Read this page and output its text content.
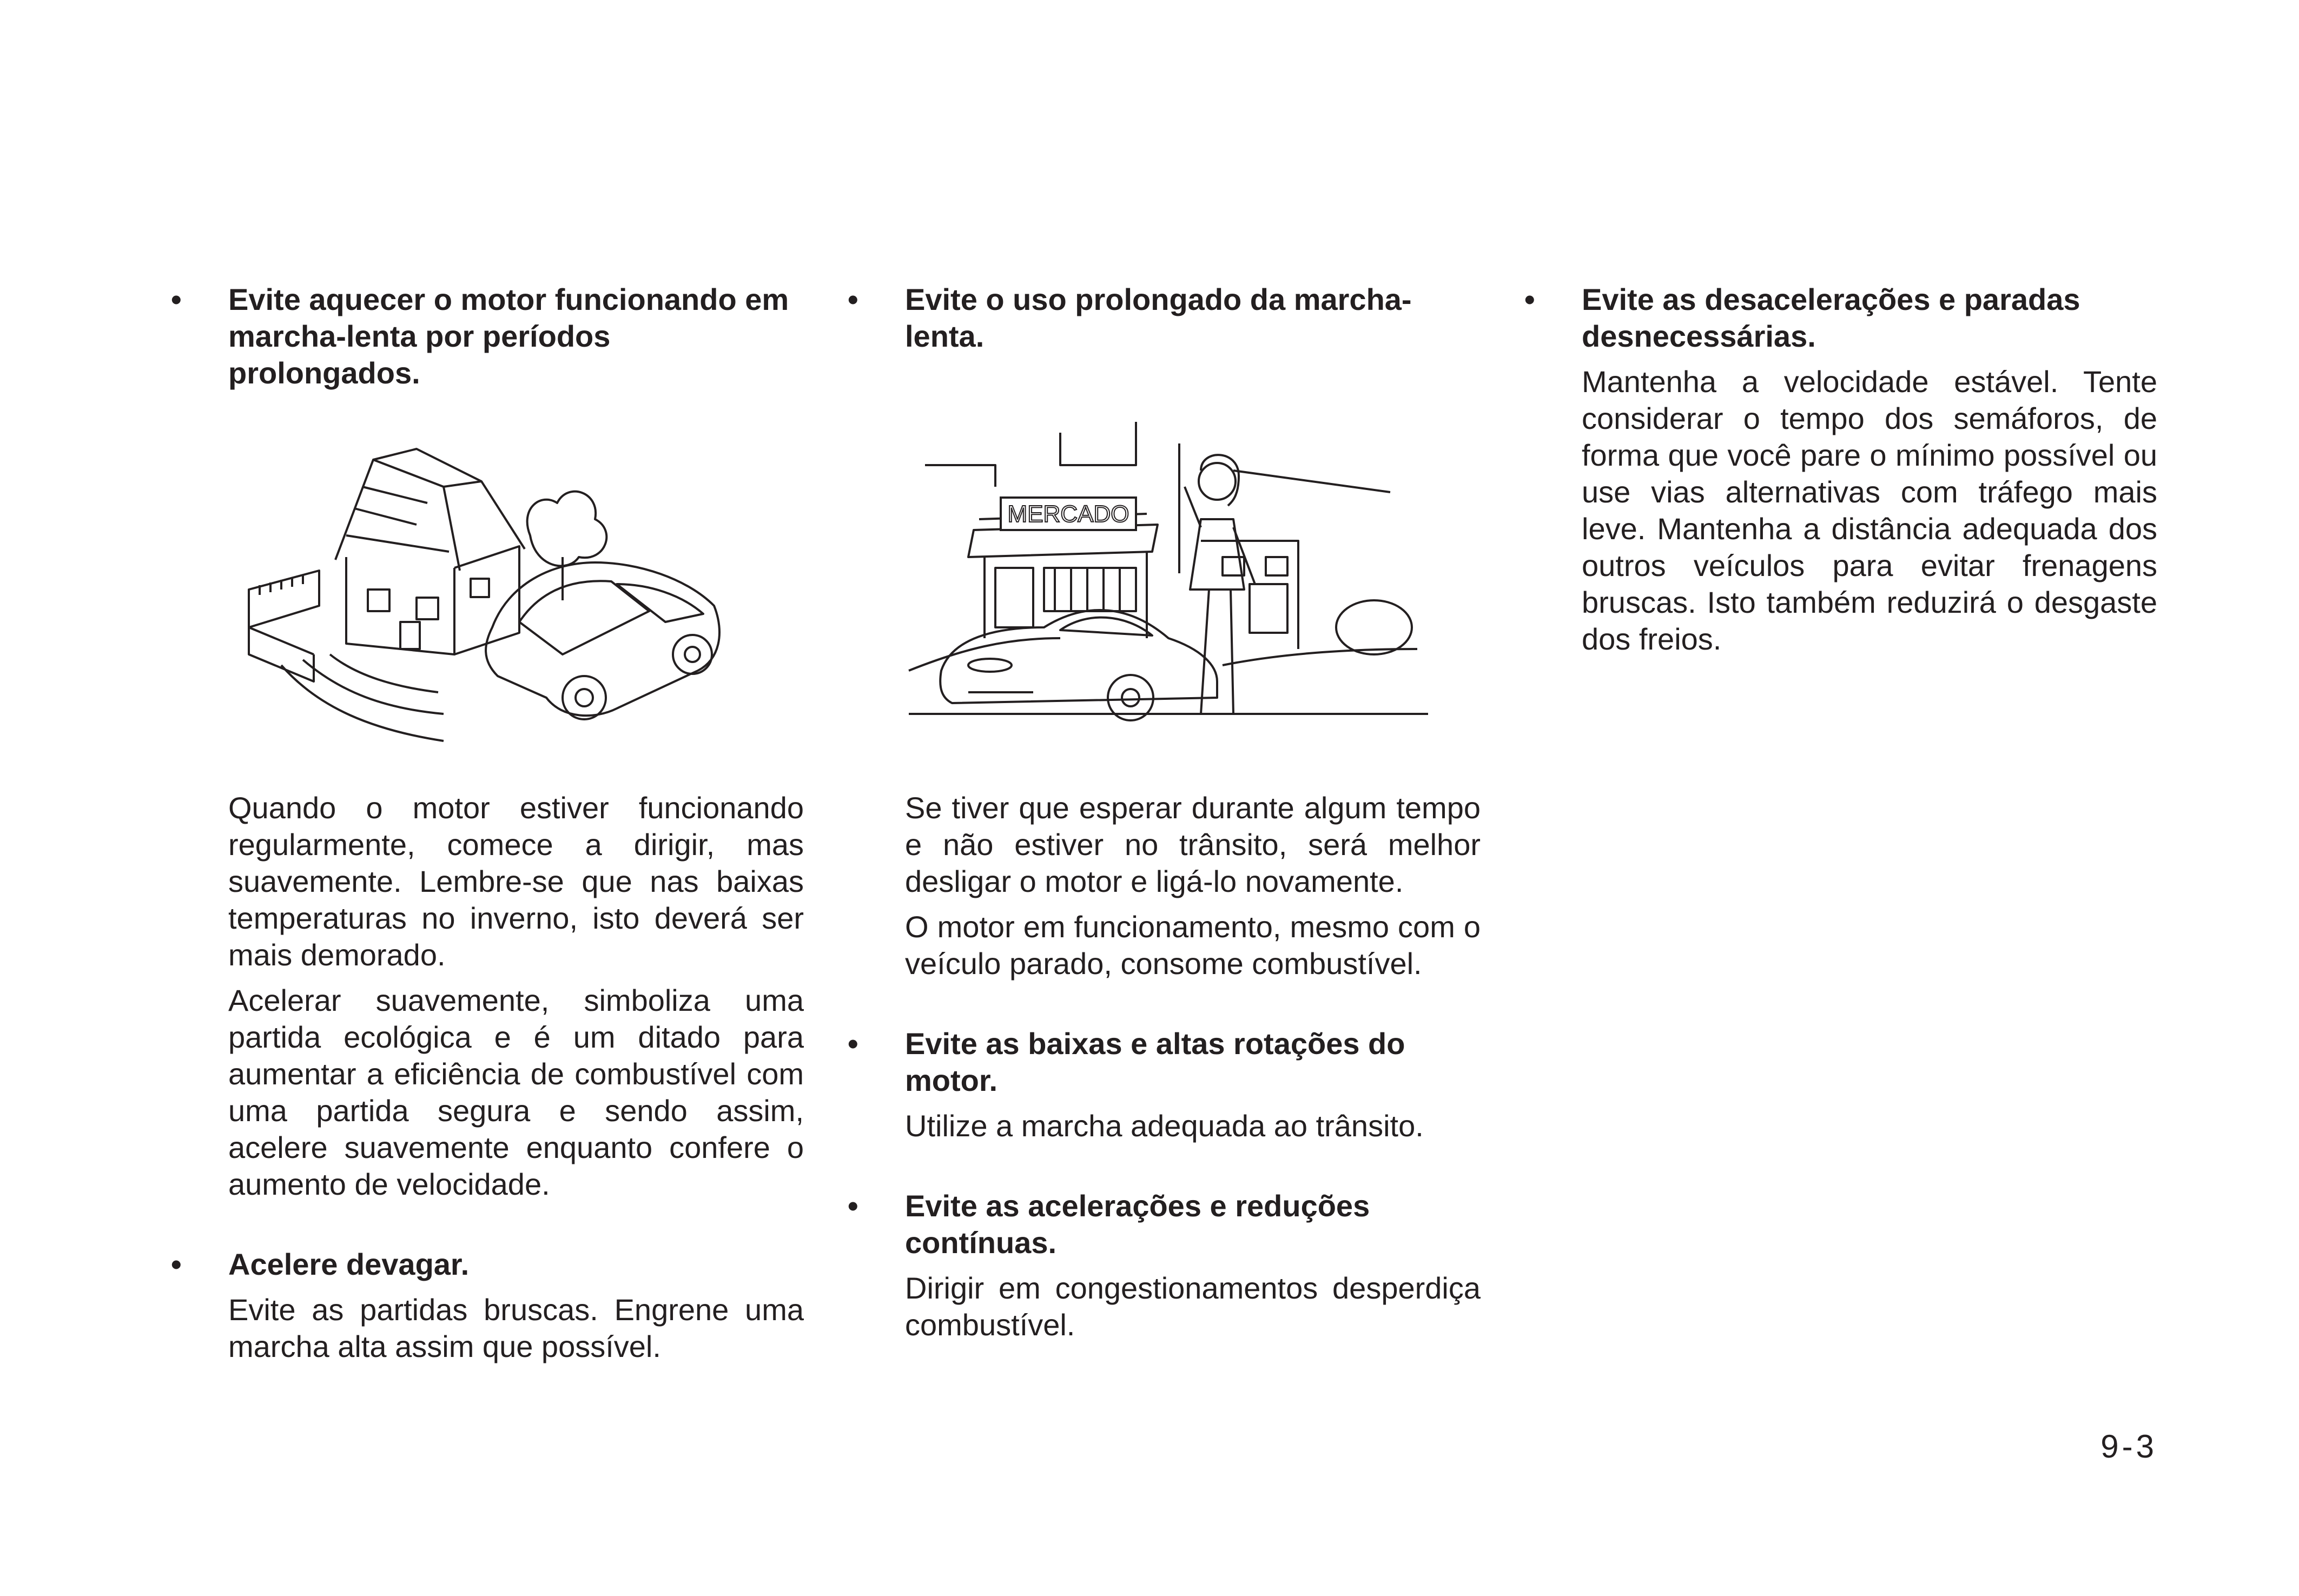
• Evite aquecer o motor funcionando em marcha-lenta por períodos prolongados.

Quando o motor estiver funcionando regularmente, comece a dirigir, mas suavemente. Lembre-se que nas baixas temperaturas no inverno, isto deverá ser mais demorado.

Acelerar suavemente, simboliza uma partida ecológica e é um ditado para aumentar a eficiência de combustível com uma partida segura e sendo assim, acelere suavemente enquanto confere o aumento de velocidade.

• Acelere devagar.

Evite as partidas bruscas. Engrene uma marcha alta assim que possível.

• Evite o uso prolongado da marcha-lenta.

MERCADO

Se tiver que esperar durante algum tempo e não estiver no trânsito, será melhor desligar o motor e ligá-lo novamente.

O motor em funcionamento, mesmo com o veículo parado, consome combustível.

• Evite as baixas e altas rotações do motor.

Utilize a marcha adequada ao trânsito.

• Evite as acelerações e reduções contínuas.

Dirigir em congestionamentos desperdiça combustível.

• Evite as desacelerações e paradas desnecessárias.

Mantenha a velocidade estável. Tente considerar o tempo dos semáforos, de forma que você pare o mínimo possível ou use vias alternativas com tráfego mais leve. Mantenha a distância adequada dos outros veículos para evitar frenagens bruscas. Isto também reduzirá o desgaste dos freios.

9-3
